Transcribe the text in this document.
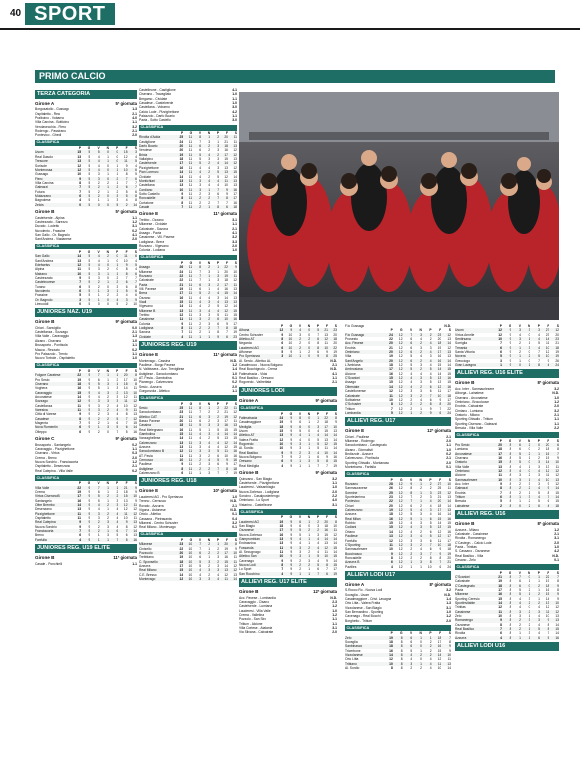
40 SPORT
PRIMO CALCIO
TERZA CATEGORIA
Girone A	5ª giornata
Borgosatollo - Gussago	1-3
Ospitaletto - Real	2-1
Pralboino - Vobarno	4-0
Villa Carcina - Botticino	1-1
Verolavecchia - Flero	3-2
Rodengo - Passirano	2-1
Pontevico - Ghedi	2-0
CLASSIFICA
	P	G	V	N	P	F	S
Usom	15	5	5	0	0	15	3
Real Dasolo	13	5	4	1	0	12	4
Trescore	13	5	4	1	0	11	5
Sorisole	12	5	4	0	1	9	4
Monterossa	12	5	4	0	1	10	6
Gussago	10	5	3	1	1	8	5
Flero	9	5	3	0	2	7	6
Villa Carcina	8	5	2	2	1	7	7
Galeazzi	7	5	2	1	2	6	7
Futura	7	5	2	1	2	5	6
Mulazzano	6	5	2	0	3	5	8
Bagnolese	4	5	1	1	3	4	8
Zelcis	0	5	0	0	5	2	14
Girone B	5ª giornata
Castelverde - Alpina	1-1
Castrezzato - Sarezzo	1-2
Ducato - Lodetto	3-1
Nuvolento - Frassine	0-2
San Gallo - Or. Bagnolo	4-1
Sant'Andrea - Viadanese	2-0
CLASSIFICA
	P	G	V	N	P	F	S
San Gallo	14	5	4	2	0	11	6
Sant'Andrea	13	5	4	1	0	10	4
Edelweiss	12	5	4	0	1	9	5
Alpina	11	5	3	2	0	8	4
Mairano	10	5	3	1	1	8	6
Castrezzato	9	5	3	0	2	7	7
Castelnovese	7	5	2	1	2	6	7
Turano	6	5	2	0	3	6	8
Nuvolento	6	5	1	3	1	5	6
Frassine	5	5	1	2	2	4	6
Or. Bagnolo	3	5	1	0	4	3	9
Lirecoddi	0	5	0	0	5	2	10
JUNIORES NAZ. U19
Girone B	9ª giornata
Chiari - Sanvigilio	0-0
Castellanza - Sozzago	2-1
Villa Valle - Caravaggio	1-3
Alzano - Ciserano	1-0
Brusaporto - Pontisola	1-1
Macca - Rezzato	0-2
Pro Palazzolo - Trento	1-1
Nuovo Torbole - Ospitaletto	1-0
CLASSIFICA
	P	G	V	N	P	F	S
Folgore Caratese	22	9	7	1	1	20	8
Pro Sesto	19	9	6	1	2	17	10
Ciserano	18	9	5	3	1	15	8
Voghera	16	9	5	1	3	14	11
Caravaggio	15	9	4	3	2	13	10
Arconatese	14	9	4	2	3	12	11
Sozzago	12	9	3	3	3	11	12
Castellanza	11	9	3	2	4	10	12
Varesina	11	9	3	2	4	9	11
Città di Varese	9	9	2	3	4	8	13
Casatese	8	9	2	2	5	7	12
Magenta	7	9	2	1	6	7	15
Nova Romentin	6	9	1	3	5	6	14
Olteppo	6	9	2	0	7	5	16
Girone C	9ª giornata
Brusaporto - Santangelo	0-2
Caravaggio - Pizzighettone	1-1
Ciserano - Virtus	0-3
Crema - Breno	2-0
Nuova Sondrio - Franciacorta	1-2
Ospitaletto - Desenzano	2-1
Real Calepina - Villa Valle	0-2
CLASSIFICA
	P	G	V	N	P	F	S
Villa Valle	22	9	7	1	1	21	9
Crema	19	9	6	1	2	18	9
Virtus CiseranoB	17	9	5	2	2	15	10
Santangelo	16	9	5	1	3	13	9
Oltre Brembo	14	9	4	2	3	12	11
Desenzano	13	9	4	1	4	12	12
Pizzighettone	11	9	3	2	4	11	12
Ospitaletto	11	9	3	2	4	10	11
Real Calepina	9	9	2	3	4	9	13
Nuova Sondrio	9	9	2	3	4	8	12
Franciacorta	7	9	2	1	6	7	14
Breno	6	9	1	3	5	6	13
Fanfulla	4	9	1	1	7	5	16
JUNIORES REG. U19 ELITE
Girone B	11ª giornata
Casale - Ponchielli	1-1
Castelleone - Castiglione	4-1
Ciserano - Travagliato	1-0
Bergamo - Cividate	1-1
Casalese - Castelverde	1-0
Castellana - Vobarno	3-0
Calcio Lode - Pizzighettone	4-2
Palazzolo - Darfo Boario	1-1
Pavia - Sotto Castello	3-0
CLASSIFICA
	P	G	V	N	P	F	S
Rivolta d'Adda	25	11	8	1	2	20	11
Castiglione	24	11	7	3	1	21	11
Darfo Boario	20	11	6	2	3	18	13
Verolese	20	11	6	2	3	16	12
Brixia	19	11	5	4	2	17	12
Vallalpino	18	11	5	3	3	15	13
Castelverde	17	11	5	2	4	14	12
Pizzighettone	16	11	4	4	3	13	12
Pian Lorenzo	14	11	4	2	5	13	15
Cividate	14	11	4	2	5	12	14
Montichiari	13	11	3	4	4	11	13
Castellana	13	11	3	4	4	10	13
Cordiano	10	11	3	1	7	9	16
Sotto Castello	9	11	2	3	6	9	17
Roncadelle	8	11	2	2	7	8	17
Curtatone	8	11	2	2	7	7	16
Casale	7	11	2	1	8	6	18
Girone E	11ª giornata
Trebbo - Ozzano	3-1
Milanese - Cividate	1-1
Calvairate - Savona	2-1
Assago - Pavia	4-1
Cassinese - Vill. Pavese	3-2
Lodigiana - Brera	3-3
Rozzano - Vigevano	2-0
Colonia - Lodiana	1-0
CLASSIFICA
	P	G	V	N	P	F	S
Assago	26	11	8	2	1	22	9
Milanese	24	11	7	3	1	20	10
Rozzano	22	11	7	1	3	19	11
Calvairate	22	11	7	1	3	18	12
Pavia	21	11	6	3	2	17	11
Vill. Pavese	19	11	6	1	4	16	13
Brera	17	11	5	2	4	15	14
Ozzano	16	11	4	4	3	14	13
Viadi	15	11	4	3	4	13	13
Vigevano	14	11	4	2	5	12	14
Milanese B	13	11	3	4	4	12	15
Trebbo	12	11	3	3	5	11	15
Cassinese	11	11	3	2	6	10	16
Colonia	9	11	2	3	6	9	17
Lodigiana	8	11	2	2	7	8	18
Savona	7	11	2	1	8	7	19
Cividate	4	11	1	1	9	6	23
JUNIORES REG. U19
Girone E	11ª giornata
Montevago - Cassina	N.D.
Paullese - Borgo Pavese	1-2
N. Valbissera - Azz. Trevigliese	1-4
Astigliese - Sancolombano	1-0
AT. Pavia - Gambolina	0-1
Pianengo - Calvenzano	0-2
Sesto - Azzurra	2-0
Gorgonzola - Atletico	1-1
CLASSIFICA
	P	G	V	N	P	F	S
Sesto	25	11	8	1	2	22	11
Sancolombano	23	11	7	2	2	21	12
Atletico CAT	21	11	6	3	2	19	12
Basso Pavese	20	11	6	2	3	17	11
Cassina	18	11	5	3	3	16	13
Real Melegnano	16	11	5	1	5	15	15
Gambolina	15	11	4	3	4	14	14
Vanzaghellese	14	11	4	2	5	13	15
Calvenzano	13	11	3	4	4	12	14
Azzurra	13	11	3	4	4	12	15
Sancolombano B	12	11	3	3	5	11	16
AT. Pavia	11	11	3	2	6	10	16
Cernusco	10	11	2	4	5	9	16
Paullese	9	11	2	3	6	9	17
Astigliese	8	11	2	2	7	8	18
Calvenzano B	6	11	1	3	7	7	19
JUNIORES REG. U18
Girone E	10ª giornata
Lauderesi AG - Pro Sperianza	1-0
Trenno - Cernusco	N.D.
Rovato - Azzurra	2-1
Vigona - Astonese	N.D.
Oriolo - Atletico	0-1
Cassana - Pietrasanta	0-4
Milanesi - Centro Schuster	3-2
Real Milano - Montevago	0-1
CLASSIFICA
	P	G	V	N	P	F	S
Milanese	23	10	7	2	1	20	8
Cinisello	22	10	7	1	2	19	9
Pozzuolo	20	10	6	2	2	17	10
Trebbiano	19	10	6	1	3	16	11
C. Sponsello	18	10	5	3	2	15	11
Azzurra	17	10	5	2	3	14	12
Real Milano	15	10	4	3	3	13	12
C.E. Bresso	14	10	4	2	4	12	13
Montevago	12	10	3	3	4	11	14
	P	G	V	N	P	F	S
Alhona	12	9	4	0	5	21	23
Centro Schuster	9	10	3	0	7	13	20
Atletico AT	8	10	2	2	6	12	18
Negarda	6	10	2	0	8	11	20
Lauderesi AG	6	10	2	0	8	10	22
Affonese	5	9	1	2	6	9	19
Pro Sperianza	3	10	1	0	9	8	25
Al. Serdo - Atletico AL	N.D.
Casalmocco - Nuova Bolgano	2-1
Real Bocchignolo - Crema	N.D.
Fatimatracia - Vidai	4-1
Real Basilico - Oresano	1-1
Rogoredo - Valtrettata	2-1
JUNIORES LODI
Girone A	9ª giornata
CLASSIFICA
	P	G	V	N	P	F	S
Fatimatracia	24	9	8	0	1	22	8
Casalmaggiore	19	9	6	1	2	18	9
Mediglia	18	9	6	0	3	17	10
Usom	15	9	5	0	4	15	13
Atletico AT	13	9	4	1	4	14	14
Valera Fratta	12	9	4	0	5	13	14
Rogoredo	10	9	3	1	5	12	15
Al. Sordio	10	9	3	1	5	11	14
Real Basilico	9	9	2	3	4	10	14
Nuova Bolgano	7	9	2	1	6	9	16
Oresano	6	9	1	3	5	8	15
Real Mediglia	4	9	1	1	7	7	19
Girone B	9ª giornata
Quinzano - San Biagio	3-2
Castelverde - Pizzighettone	1-1
Lauderesi - Valsanbiagio	1-0
Nuova Zorlesco - Lodigiana	2-0
Soncino - Casalpusterlengo	2-2
Ombriano - Lo Sport	4-0
Vistarino - Castelleone	3-1
CLASSIFICA
	P	G	V	N	P	F	S
Lauderesi AG	19	9	6	1	2	20	8
San Biagio	18	9	6	0	3	18	10
Ozzanese	17	9	5	2	2	16	11
Nuova Zorlesco	16	9	5	1	3	15	12
Gamprombian	13	9	4	1	4	14	14
Endrasnina	13	9	4	1	4	13	14
Fossarola	11	9	3	2	4	12	15
Al. Secugnago	11	9	3	2	4	11	14
Atletico San	10	9	3	1	5	10	15
Cavenago	9	9	2	3	4	9	14
Nuova Lodi	8	9	2	2	5	8	15
Lo Sport	7	9	2	1	6	7	17
San Rocchino	4	9	1	1	7	6	19
ALLIEVI REG. U17 ELITE
Girone B	12ª giornata
Acc. Pavese - Lombardia	N.D.
Caravaggio - Cisano	2-3
Castelverde - Lumiana	1-2
Lauderesi - Villa Valle	1-0
Crema - Vallelina	1-2
Pozzolo - San Siro	1-1
Tritium - Alcione	1-1
Villa Cortese - Atalanta	3-1
Via Silvana - Calvairate	2-0
F.lo Gussago	N.D.
	P	G	V	N	P	F	S
F.lo Gussago	24	12	7	3	2	23	12
Prosesto	22	12	6	4	2	20	13
Acc. Pavese	20	12	6	2	4	18	14
Enotria	21	12	6	3	3	19	12
Ombriano	20	12	6	2	4	17	13
Villa	19	12	5	4	3	16	13
Sant'Angelo	20	12	6	2	4	16	14
L'Ambiana	18	12	5	3	4	15	14
Ambrosiana	17	12	5	2	5	14	15
Alcione	16	12	4	4	4	14	15
C'Scarioni	15	12	4	3	5	13	16
Assago	15	12	4	3	5	13	15
Oltrestate	14	12	4	2	6	12	16
Castellonense	12	12	3	3	6	11	17
Calvairate	11	12	3	2	7	10	18
Solbiatese	10	12	2	4	6	9	17
C'Schuster	8	12	2	2	8	8	20
Tritium	7	12	2	1	9	7	22
Lombardia	5	12	1	2	9	6	24
ALLIEVI REG. U17
Girone E	12ª giornata
Chiari - Paullese	2-1
Milanese - Rodengo	2-0
Sancolombano - Castegnato	1-1
Alzano - Giornalisti	1-0
Bedizzole - Azzurra	0-2
Calvenzano - Pontisola	2-1
Sporting Ghisallo - Montanaso	2-0
Montebarra - Farfalla	0-1
CLASSIFICA
	P	G	V	N	P	F	S
Rozzano	28	12	9	1	2	27	10
Sanmauranese	26	12	8	2	2	25	11
Sormine	25	12	8	1	3	23	12
Sportelarrima	23	12	7	2	3	21	13
Pontevico	22	12	7	1	4	20	14
Chiari	20	12	6	2	4	18	14
Calvenzano	19	12	5	4	3	17	13
Azzurra	18	12	5	3	4	16	14
Real Milan	16	12	5	1	6	15	16
Robbio	15	12	4	3	5	14	15
Codiani	15	12	4	3	5	13	15
Oriano	14	12	4	2	6	12	16
Paullese	13	12	3	4	5	12	17
Fanfulla	12	12	3	3	6	11	17
C'Sporting	11	12	3	2	7	10	18
Sanmaurlesere	10	12	2	4	6	9	18
Buccinasco	9	12	2	3	7	9	19
Roncadelle	8	12	2	2	8	8	20
Azzurra B	6	12	1	3	8	7	21
Pavilles	4	12	1	1	10	6	24
ALLIEVI LODI U17
Girone A	8ª giornata
S.Rocco Ro - Nuova Lodi	3-2
Sovaglia - Usom	N.D.
Casalmaggiore - Crist. Lavagna	1-4
Orio Litta - Valera Fratta	1-3
Vizzolanese - San Biagio	3-1
San Bernardino - Sporting	1-0
Cavenago - Real Bocchi	1-2
Borghetto - Tritium	2-0
CLASSIFICA
	P	G	V	N	P	F	S
Zelo	19	8	6	1	1	18	7
Sovaglia	18	8	6	0	2	17	8
Sanbinasco	18	8	6	0	2	16	9
Tricerbone	16	8	5	1	2	15	9
Vizzolanese	14	8	4	2	2	14	10
Orio Litta	12	8	4	0	4	12	11
Tribiano	10	8	3	1	4	11	13
Al. Sordio	8	8	2	2	4	10	14
	P	G	V	N	P	F	S
Usom	12	9	3	3	3	27	12
Virtus Arnelle	12	9	4	0	4	23	20
Sentirsana	10	9	3	1	4	14	23
Sorriglia	7	9	2	1	5	11	21
Trmania	6	9	1	3	4	10	18
Santa Vittoria	6	9	2	0	7	12	19
Novera	5	9	1	2	5	10	19
Grecciogo	3	9	1	0	7	9	26
Gran Lavagna	1	9	0	1	8	4	24
ALLIEVI REG. U16 ELITE
Girone B	8ª giornata
Acc. Inter - Sanmaurlesere	3-2
Alborga - Lainatese	N.D.
Ciserano - Arconatese	1-0
Ombriano - Brocoloose	1-2
Enotria - Calvairate	2-0
Cimiano - Lumiana	3-2
Oratorio - Milano	2-1
Sporting Ghisallo - Tritium	1-1
Sporting Ciserano - Galeazzi	1-1
Brescia - Villa Valle	2-2
CLASSIFICA
	P	G	V	N	P	F	S
Pro Sesto	20	8	6	2	0	20	6
Lumiana	18	8	6	0	2	18	8
Arconatese	17	8	5	2	1	16	7
Ciserano	16	8	5	1	2	15	9
Oratorio	15	8	5	0	3	14	10
Villa Valle	13	8	4	1	3	13	11
Ombriano	12	8	4	0	4	12	12
Alcione	11	8	3	2	3	11	12
Sanmaurlesere	10	8	3	1	4	10	13
Acc. Inter	9	8	2	3	3	9	12
Galeazzi	8	8	2	2	4	9	14
Enotria	7	8	2	1	5	8	15
Tritium	6	8	1	3	4	7	14
Brescia	5	8	1	2	5	6	15
Lainatese	2	8	0	2	6	4	18
ALLIEVI REG. U16
Girone B	8ª giornata
Azzurra - Milano	1-2
Calvairate - Cassinese	2-1
Rivolta - Romanengo	3-1
C'Castegn. - Calcio Lode	2-0
Pavia - Trinitas	1-0
S. Cassano - Ozzanese	4-2
Real Basilico - Villa	N.D.
Cesano - Zelo	0-1
CLASSIFICA
	P	G	V	N	P	F	S
C'Scarioni	21	8	7	0	1	22	7
Calvairate	19	8	6	1	1	19	8
C'Castegnato	18	8	6	0	2	18	9
Pavia	17	8	5	2	1	16	8
Milanese	16	8	5	1	2	15	9
Sporting Ceresio	15	8	4	3	1	14	9
Sportinvitabie	14	8	4	2	2	13	10
Trinitas	12	8	4	0	4	12	12
Cassinese	11	8	3	2	3	11	12
Zelo	10	8	3	1	4	10	13
Romanengo	9	8	2	3	3	9	13
Ozzanese	8	8	2	2	4	8	14
Real Basilico	7	8	2	1	5	8	15
Rivolta	6	8	1	3	4	7	14
Azzurra	4	8	1	1	6	5	16
ALLIEVI LODI U16
